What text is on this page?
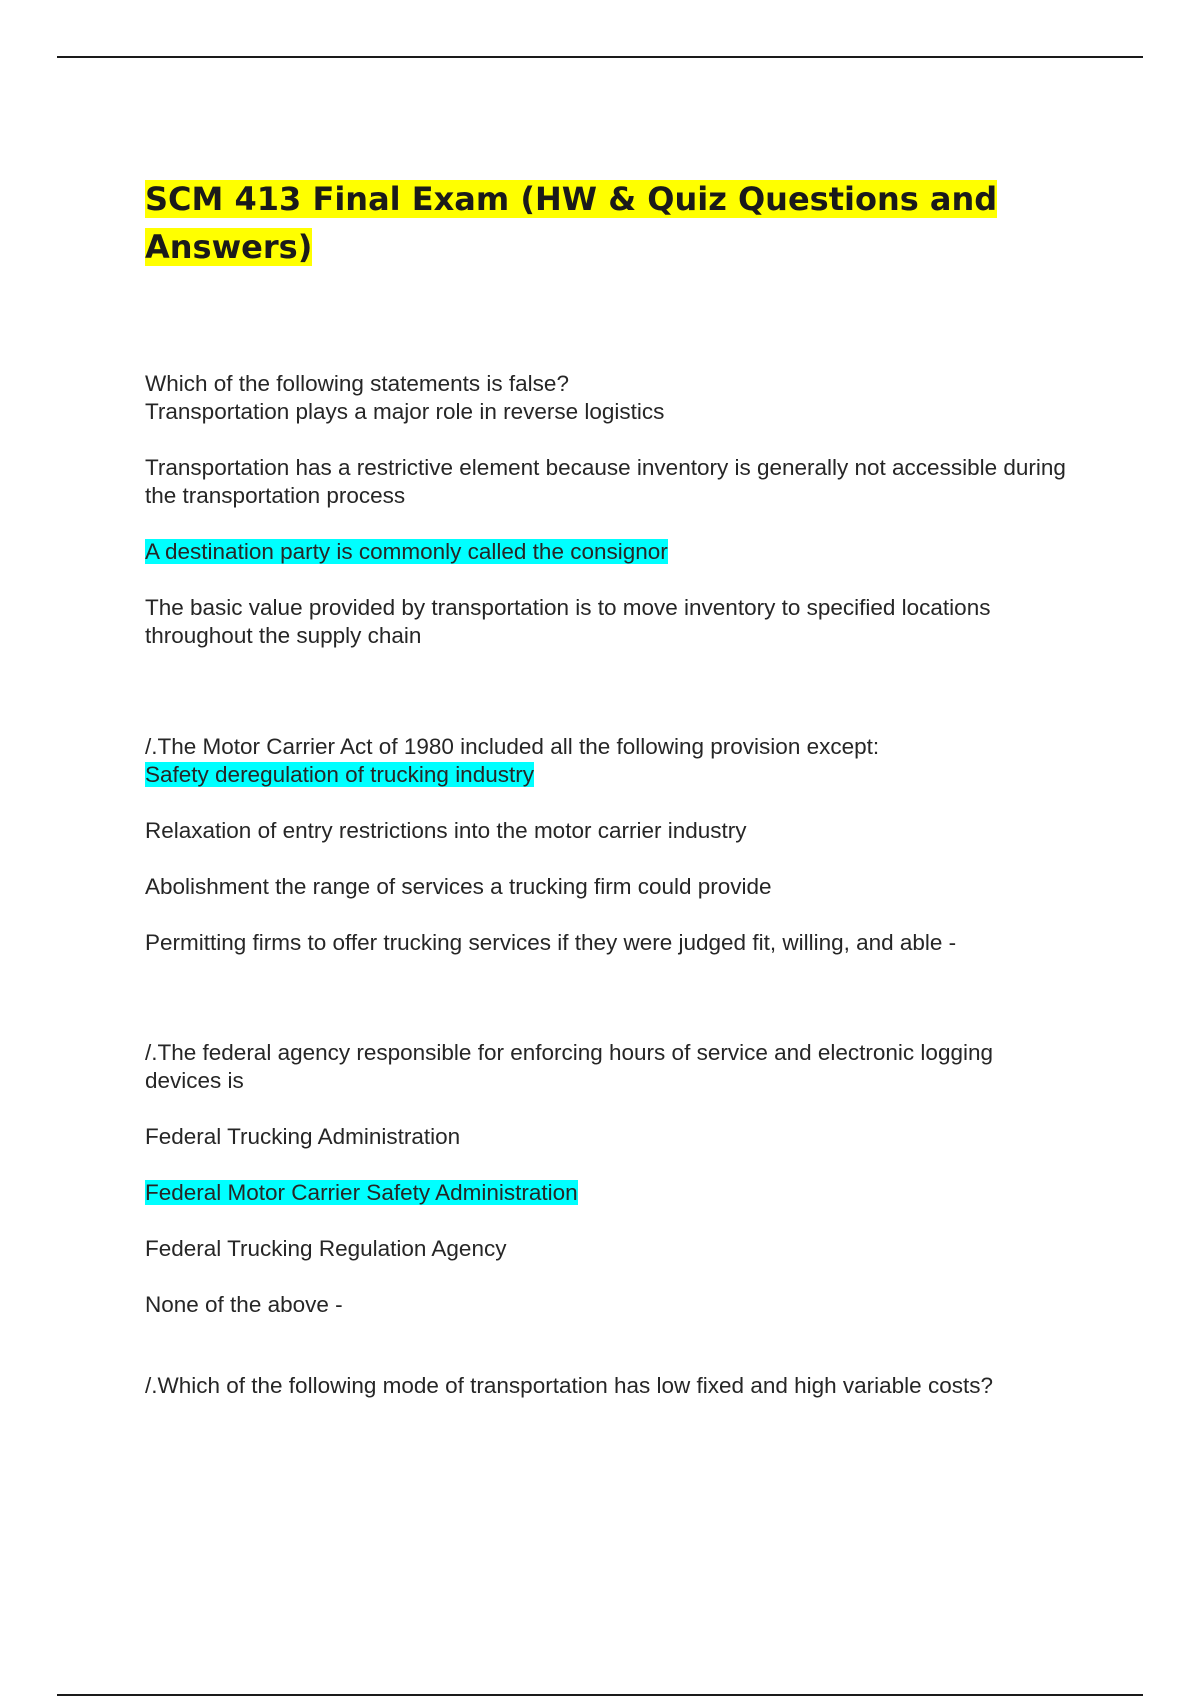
SCM 413 Final Exam (HW & Quiz Questions and
Answers)

Which of the following statements is false?

Transportation plays a major role in reverse logistics

Transportation has a restrictive element because inventory is generally not accessible during the transportation process

A destination party is commonly called the consignor

The basic value provided by transportation is to move inventory to specified locations throughout the supply chain

/.The Motor Carrier Act of 1980 included all the following provision except:

Safety deregulation of trucking industry

Relaxation of entry restrictions into the motor carrier industry

Abolishment the range of services a trucking firm could provide

Permitting firms to offer trucking services if they were judged fit, willing, and able -

/.The federal agency responsible for enforcing hours of service and electronic logging devices is

Federal Trucking Administration

Federal Motor Carrier Safety Administration

Federal Trucking Regulation Agency

None of the above -

/.Which of the following mode of transportation has low fixed and high variable costs?
